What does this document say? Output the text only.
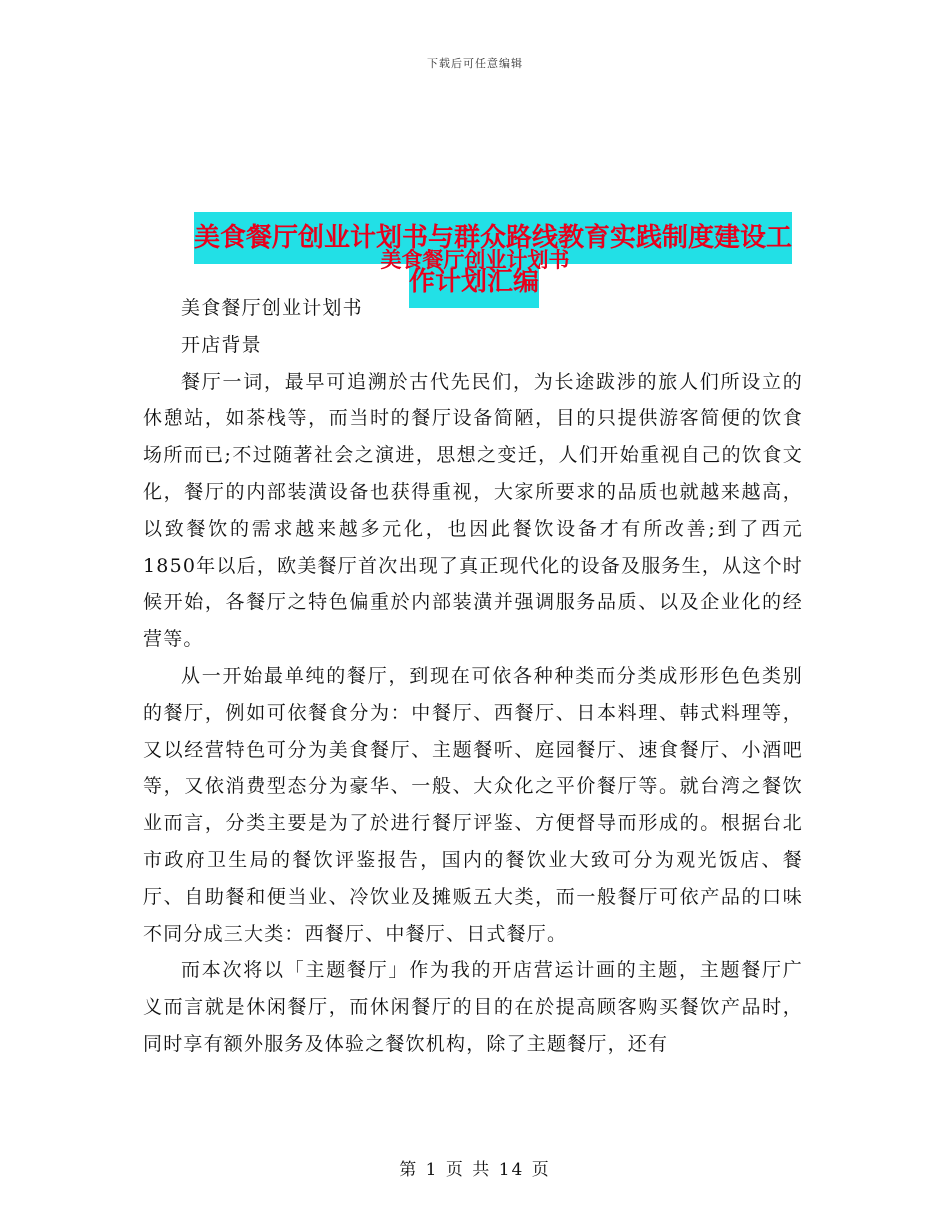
下载后可任意编辑
美食餐厅创业计划书与群众路线教育实践制度建设工
作计划汇编
美食餐厅创业计划书

美食餐厅创业计划书

开店背景

餐厅一词，最早可追溯於古代先民们，为长途跋涉的旅人们所设立的休憩站，如茶栈等，而当时的餐厅设备简陋，目的只提供游客简便的饮食场所而已;不过随著社会之演进，思想之变迁，人们开始重视自己的饮食文化，餐厅的内部装潢设备也获得重视，大家所要求的品质也就越来越高，以致餐饮的需求越来越多元化，也因此餐饮设备才有所改善;到了西元1850年以后，欧美餐厅首次出现了真正现代化的设备及服务生，从这个时候开始，各餐厅之特色偏重於内部装潢并强调服务品质、以及企业化的经营等。

从一开始最单纯的餐厅，到现在可依各种种类而分类成形形色色类别的餐厅，例如可依餐食分为：中餐厅、西餐厅、日本料理、韩式料理等，又以经营特色可分为美食餐厅、主题餐听、庭园餐厅、速食餐厅、小酒吧等，又依消费型态分为豪华、一般、大众化之平价餐厅等。就台湾之餐饮业而言，分类主要是为了於进行餐厅评鉴、方便督导而形成的。根据台北市政府卫生局的餐饮评鉴报告，国内的餐饮业大致可分为观光饭店、餐厅、自助餐和便当业、冷饮业及摊贩五大类，而一般餐厅可依产品的口味不同分成三大类：西餐厅、中餐厅、日式餐厅。

而本次将以「主题餐厅」作为我的开店营运计画的主题，主题餐厅广义而言就是休闲餐厅，而休闲餐厅的目的在於提高顾客购买餐饮产品时，同时享有额外服务及体验之餐饮机构，除了主题餐厅，还有

第 1 页 共 14 页
